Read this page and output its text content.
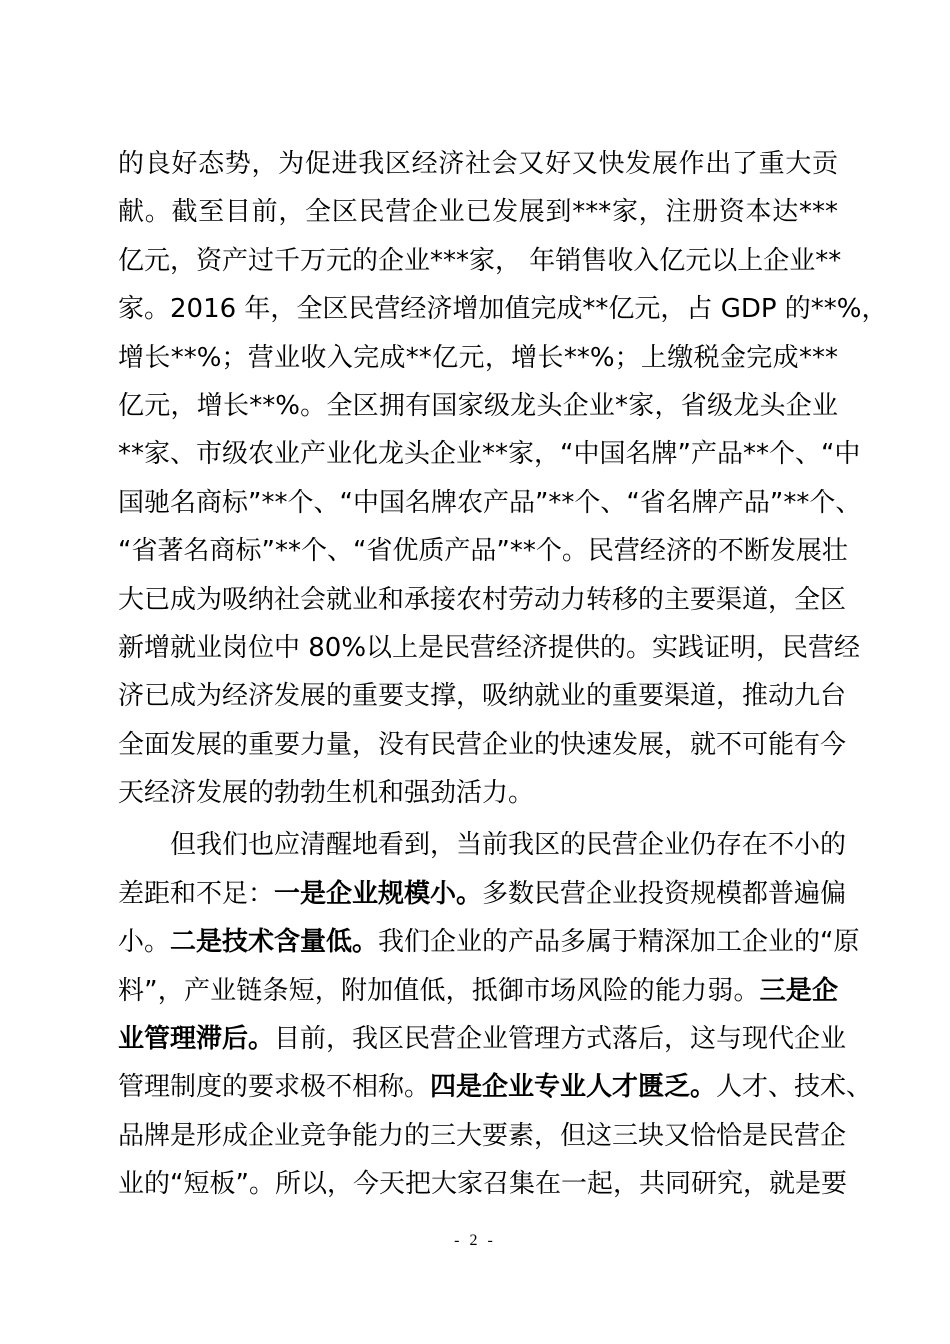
的良好态势，为促进我区经济社会又好又快发展作出了重大贡
献。截至目前，全区民营企业已发展到***家，注册资本达***
亿元，资产过千万元的企业***家， 年销售收入亿元以上企业**
家。2016 年，全区民营经济增加值完成**亿元，占 GDP 的**%，
增长**%；营业收入完成**亿元，增长**%；上缴税金完成***
亿元，增长**%。全区拥有国家级龙头企业*家，省级龙头企业
**家、市级农业产业化龙头企业**家，“中国名牌”产品**个、“中
国驰名商标”**个、“中国名牌农产品”**个、“省名牌产品”**个、
“省著名商标”**个、“省优质产品”**个。民营经济的不断发展壮
大已成为吸纳社会就业和承接农村劳动力转移的主要渠道，全区
新增就业岗位中 80%以上是民营经济提供的。实践证明，民营经
济已成为经济发展的重要支撑，吸纳就业的重要渠道，推动九台
全面发展的重要力量，没有民营企业的快速发展，就不可能有今
天经济发展的勃勃生机和强劲活力。
但我们也应清醒地看到，当前我区的民营企业仍存在不小的
差距和不足：一是企业规模小。多数民营企业投资规模都普遍偏
小。二是技术含量低。我们企业的产品多属于精深加工企业的“原
料”，产业链条短，附加值低，抵御市场风险的能力弱。三是企
业管理滞后。目前，我区民营企业管理方式落后，这与现代企业
管理制度的要求极不相称。四是企业专业人才匮乏。人才、技术、
品牌是形成企业竞争能力的三大要素，但这三块又恰恰是民营企
业的“短板”。所以，今天把大家召集在一起，共同研究，就是要
- 2 -
